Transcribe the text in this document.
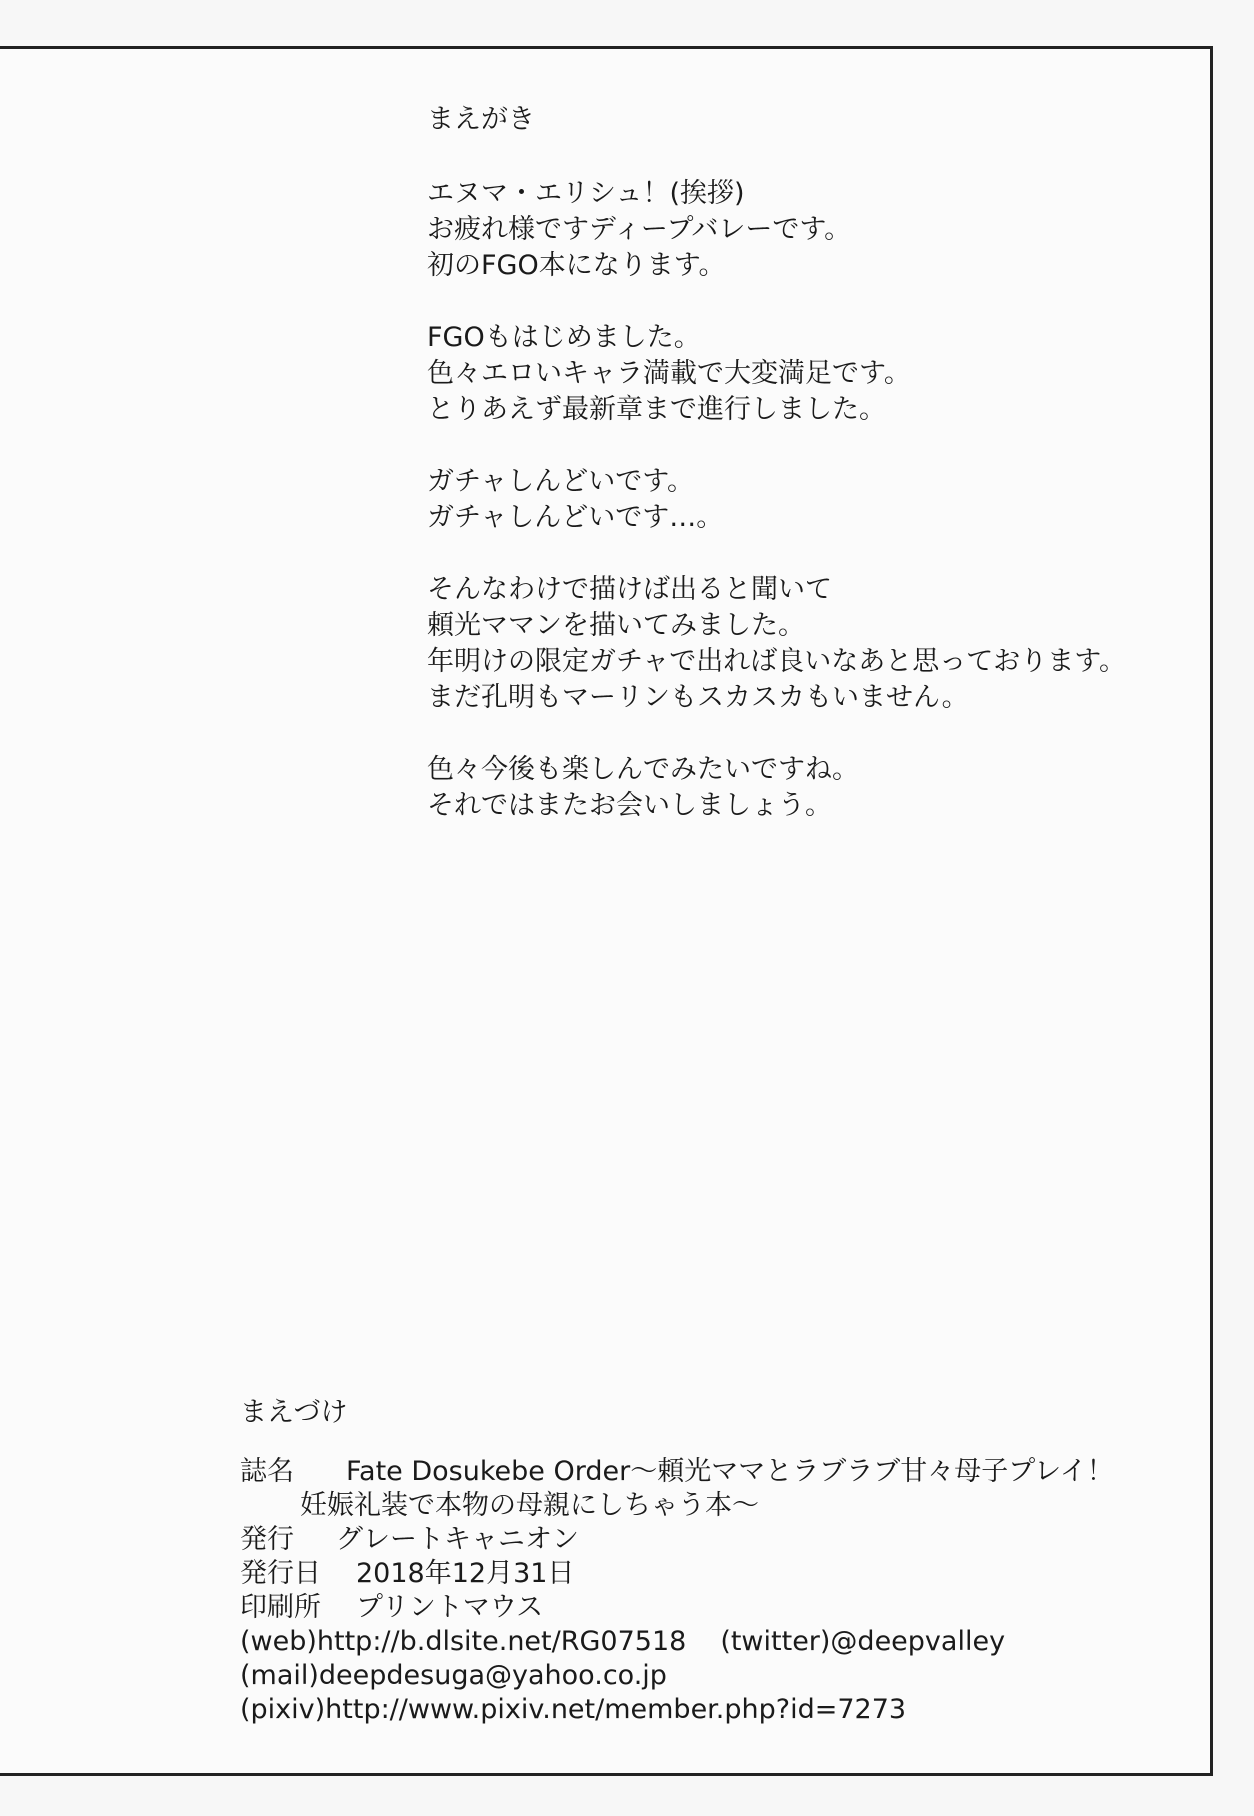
まえがき
エヌマ・エリシュ！(挨拶)
お疲れ様ですディープバレーです。
初のFGO本になります。
FGOもはじめました。
色々エロいキャラ満載で大変満足です。
とりあえず最新章まで進行しました。
ガチャしんどいです。
ガチャしんどいです…。
そんなわけで描けば出ると聞いて
頼光ママンを描いてみました。
年明けの限定ガチャで出れば良いなあと思っております。
まだ孔明もマーリンもスカスカもいません。
色々今後も楽しんでみたいですね。
それではまたお会いしましょう。
まえづけ
誌名	Fate Dosukebe Order～頼光ママとラブラブ甘々母子プレイ！
妊娠礼装で本物の母親にしちゃう本～
発行	グレートキャニオン
発行日	2018年12月31日
印刷所	プリントマウス
(web)http://b.dlsite.net/RG07518 (twitter)@deepvalley
(mail)deepdesuga@yahoo.co.jp
(pixiv)http://www.pixiv.net/member.php?id=7273
